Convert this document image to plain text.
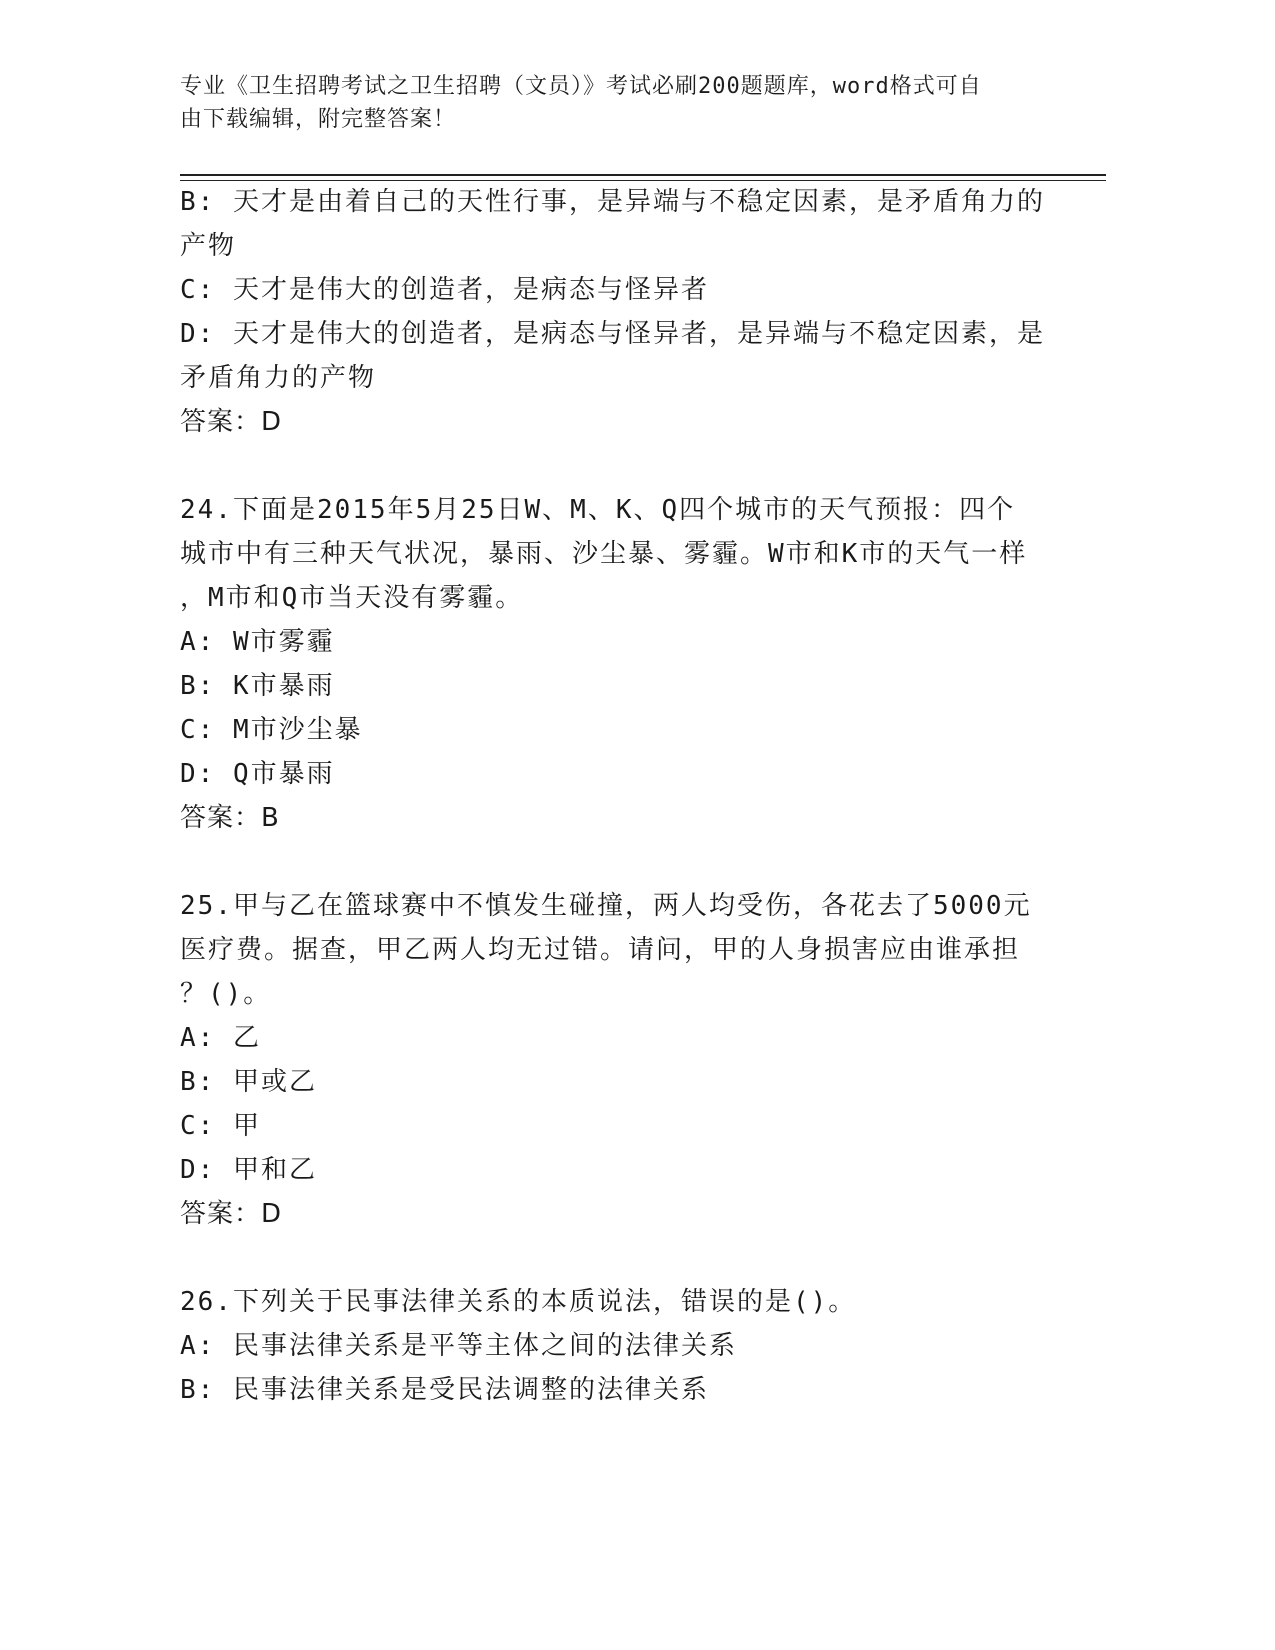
专业《卫生招聘考试之卫生招聘（文员）》考试必刷200题题库，word格式可自
由下载编辑，附完整答案！
B: 天才是由着自己的天性行事，是异端与不稳定因素，是矛盾角力的
产物
C: 天才是伟大的创造者，是病态与怪异者
D: 天才是伟大的创造者，是病态与怪异者，是异端与不稳定因素，是
矛盾角力的产物
答案：D
24.下面是2015年5月25日W、M、K、Q四个城市的天气预报：四个
城市中有三种天气状况，暴雨、沙尘暴、雾霾。W市和K市的天气一样
，M市和Q市当天没有雾霾。
A: W市雾霾
B: K市暴雨
C: M市沙尘暴
D: Q市暴雨
答案：B
25.甲与乙在篮球赛中不慎发生碰撞，两人均受伤，各花去了5000元
医疗费。据查，甲乙两人均无过错。请问，甲的人身损害应由谁承担
？()。
A: 乙
B: 甲或乙
C: 甲
D: 甲和乙
答案：D
26.下列关于民事法律关系的本质说法，错误的是()。
A: 民事法律关系是平等主体之间的法律关系
B: 民事法律关系是受民法调整的法律关系
